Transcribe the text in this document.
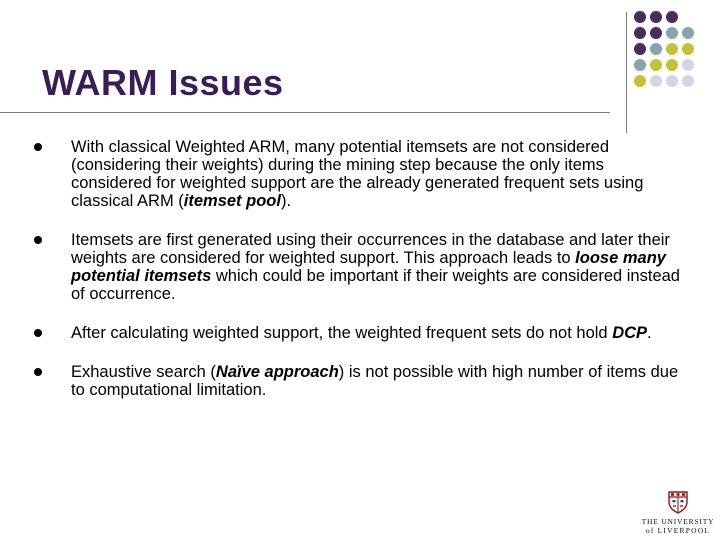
WARM Issues
With classical Weighted ARM, many potential itemsets are not considered (considering their weights) during the mining step because the only items considered for weighted support are the already generated frequent sets using classical ARM (itemset pool).
Itemsets are first generated using their occurrences in the database and later their weights are considered for weighted support. This approach leads to loose many potential itemsets which could be important if their weights are considered instead of occurrence.
After calculating weighted support, the weighted frequent sets do not hold DCP.
Exhaustive search (Naïve approach) is not possible with high number of items due to computational limitation.
THE UNIVERSITY
of LIVERPOOL
